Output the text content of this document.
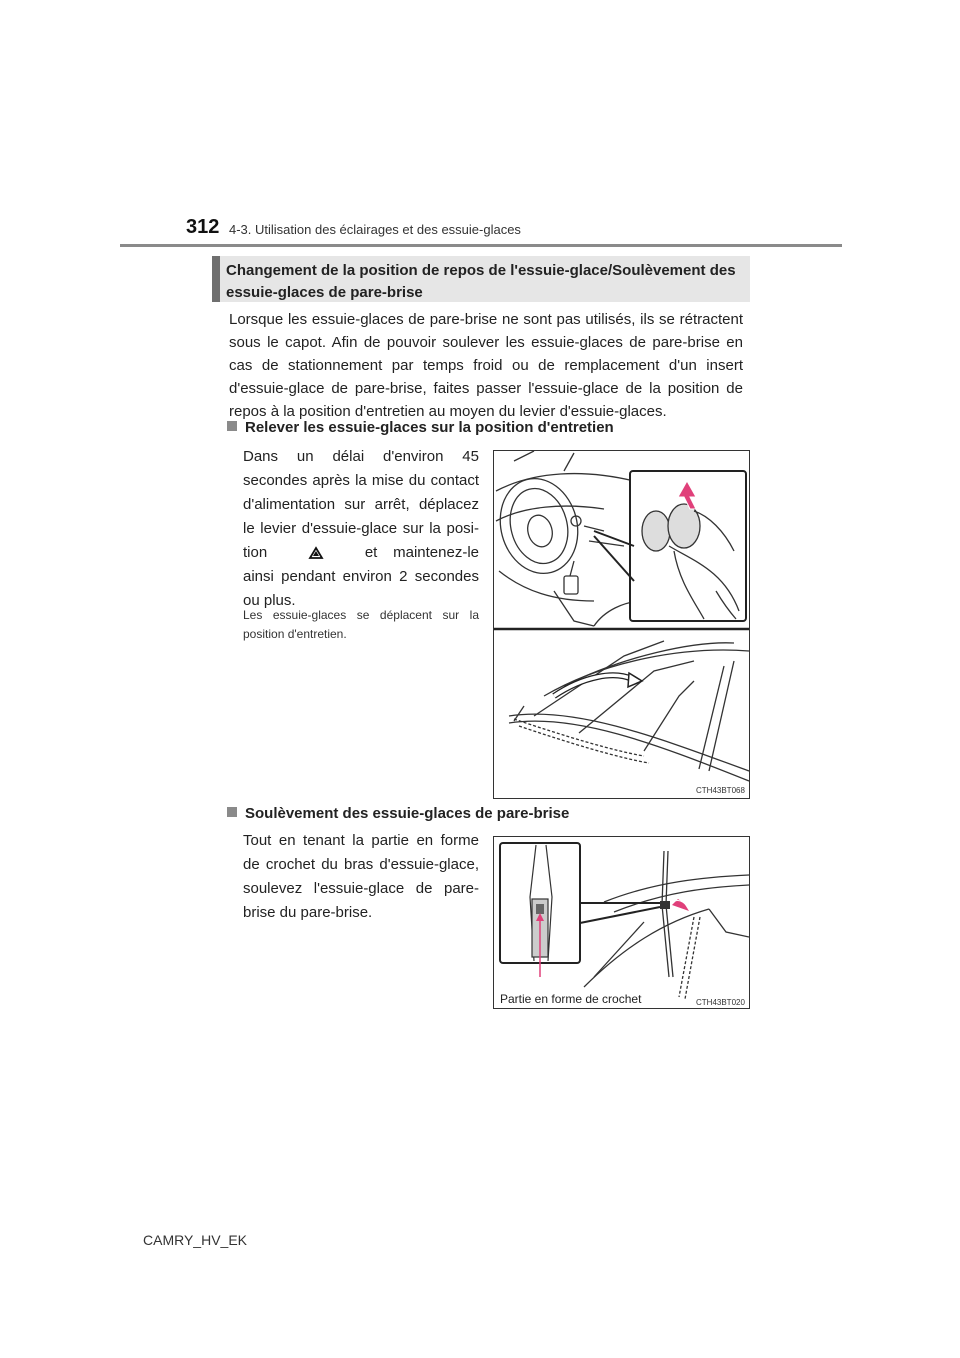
312 4-3. Utilisation des éclairages et des essuie-glaces
Changement de la position de repos de l'essuie-glace/Soulèvement des essuie-glaces de pare-brise
Lorsque les essuie-glaces de pare-brise ne sont pas utilisés, ils se rétractent sous le capot. Afin de pouvoir soulever les essuie-glaces de pare-brise en cas de stationnement par temps froid ou de remplacement d'un insert d'essuie-glace de pare-brise, faites passer l'essuie-glace de la position de repos à la position d'entretien au moyen du levier d'essuie-glaces.
Relever les essuie-glaces sur la position d'entretien
Dans un délai d'environ 45 secondes après la mise du contact d'alimentation sur arrêt, déplacez le levier d'essuie-glace sur la posi-tion	et maintenez-le ainsi pendant environ 2 secondes ou plus.
Les essuie-glaces se déplacent sur la position d'entretien.
CTH43BT068
Soulèvement des essuie-glaces de pare-brise
Tout en tenant la partie en forme de crochet du bras d'essuie-glace, soulevez l'essuie-glace de pare-brise du pare-brise.
Partie en forme de crochet	CTH43BT020
CAMRY_HV_EK
